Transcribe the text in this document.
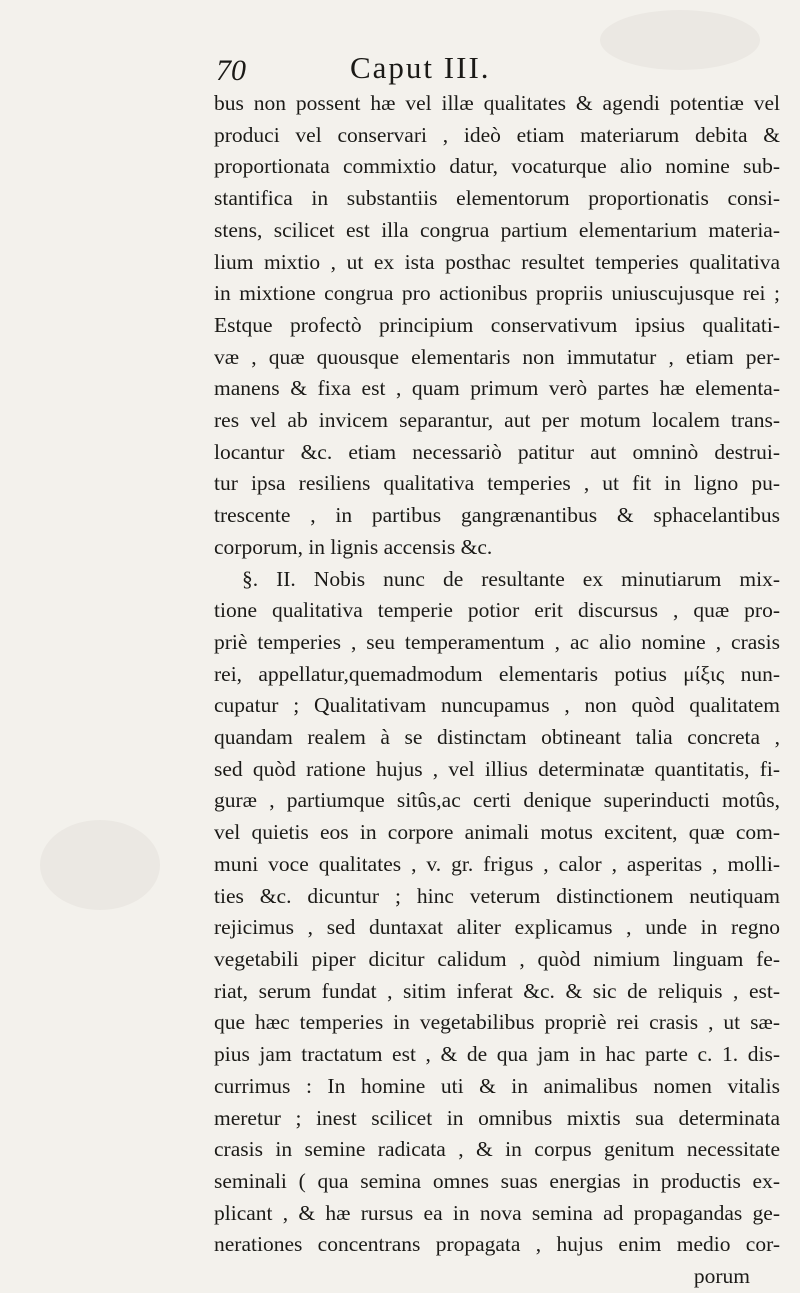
70	Caput III.
bus non possent hæ vel illæ qualitates & agendi potentiæ vel
produci vel conservari , ideò etiam materiarum debita &
proportionata commixtio datur, vocaturque alio nomine sub-
stantifica in substantiis elementorum proportionatis consi-
stens, scilicet est illa congrua partium elementarium materia-
lium mixtio , ut ex ista posthac resultet temperies qualitativa
in mixtione congrua pro actionibus propriis uniuscujusque rei ;
Estque profectò principium conservativum ipsius qualitati-
væ , quæ quousque elementaris non immutatur , etiam per-
manens & fixa est , quam primum verò partes hæ elementa-
res vel ab invicem separantur, aut per motum localem trans-
locantur &c. etiam necessariò patitur aut omninò destrui-
tur ipsa resiliens qualitativa temperies , ut fit in ligno pu-
trescente , in partibus gangrænantibus & sphacelantibus
corporum, in lignis accensis &c.
§. II. Nobis nunc de resultante ex minutiarum mix-
tione qualitativa temperie potior erit discursus , quæ pro-
priè temperies , seu temperamentum , ac alio nomine , crasis
rei, appellatur,quemadmodum elementaris potius μίξις nun-
cupatur ; Qualitativam nuncupamus , non quòd qualitatem
quandam realem à se distinctam obtineant talia concreta ,
sed quòd ratione hujus , vel illius determinatæ quantitatis, fi-
guræ , partiumque sitûs,ac certi denique superinducti motûs,
vel quietis eos in corpore animali motus excitent, quæ com-
muni voce qualitates , v. gr. frigus , calor , asperitas , molli-
ties &c. dicuntur ; hinc veterum distinctionem neutiquam
rejicimus , sed duntaxat aliter explicamus , unde in regno
vegetabili piper dicitur calidum , quòd nimium linguam fe-
riat, serum fundat , sitim inferat &c. & sic de reliquis , est-
que hæc temperies in vegetabilibus propriè rei crasis , ut sæ-
pius jam tractatum est , & de qua jam in hac parte c. 1. dis-
currimus : In homine uti & in animalibus nomen vitalis
meretur ; inest scilicet in omnibus mixtis sua determinata
crasis in semine radicata , & in corpus genitum necessitate
seminali ( qua semina omnes suas energias in productis ex-
plicant , & hæ rursus ea in nova semina ad propagandas ge-
nerationes concentrans propagata , hujus enim medio cor-
porum
